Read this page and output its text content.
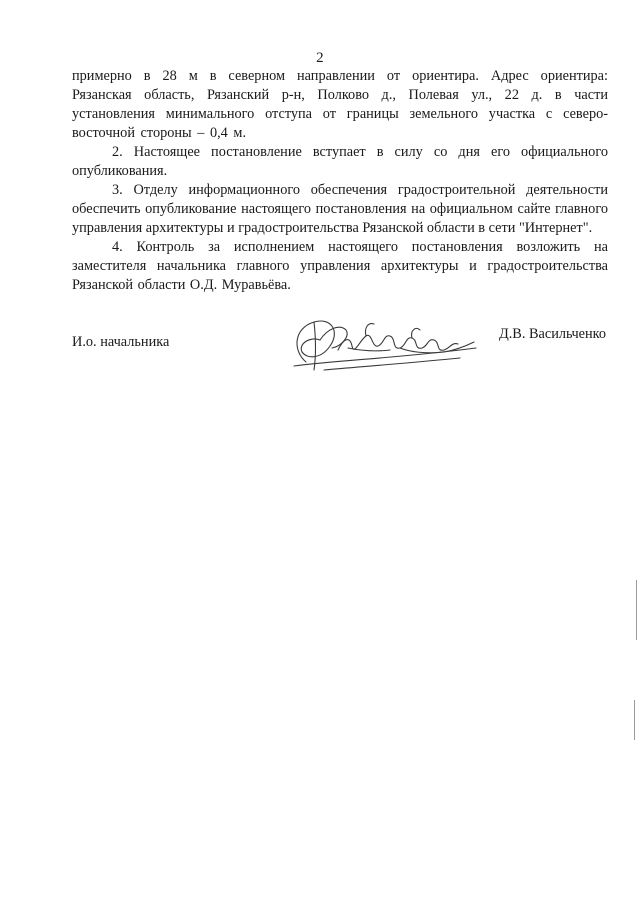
2

примерно в 28 м в северном направлении от ориентира. Адрес ориентира: Рязанская область, Рязанский р-н, Полково д., Полевая ул., 22 д. в части установления минимального отступа от границы земельного участка с северо-восточной стороны – 0,4 м.

2. Настоящее постановление вступает в силу со дня его официального опубликования.

3. Отделу информационного обеспечения градостроительной деятельности обеспечить опубликование настоящего постановления на официальном сайте главного управления архитектуры и градостроительства Рязанской области в сети "Интернет".

4. Контроль за исполнением настоящего постановления возложить на заместителя начальника главного управления архитектуры и градостроительства Рязанской области О.Д. Муравьёва.

И.о. начальника	Д.В. Васильченко
